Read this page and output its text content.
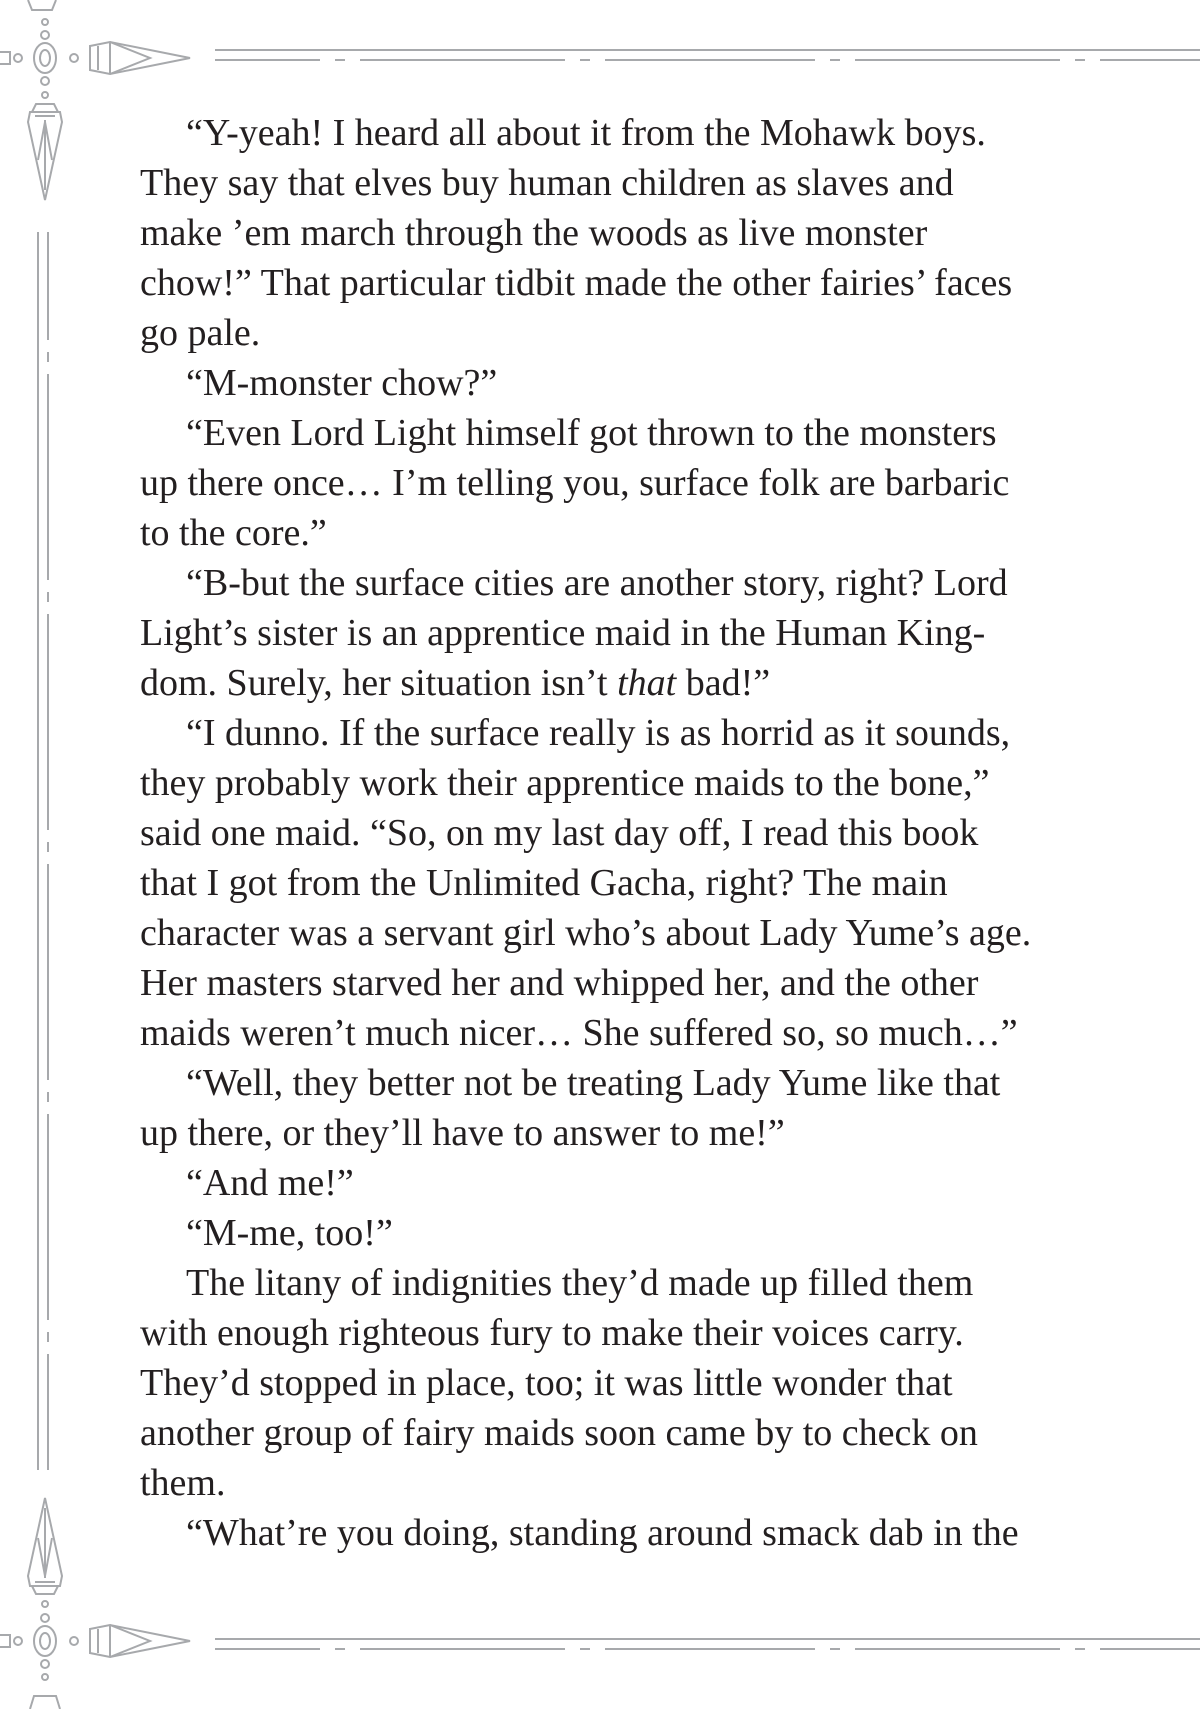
“Y-yeah! I heard all about it from the Mohawk boys.
They say that elves buy human children as slaves and
make ’em march through the woods as live monster
chow!” That particular tidbit made the other fairies’ faces
go pale.

“M-monster chow?”

“Even Lord Light himself got thrown to the monsters
up there once… I’m telling you, surface folk are barbaric
to the core.”

“B-but the surface cities are another story, right? Lord
Light’s sister is an apprentice maid in the Human King-
dom. Surely, her situation isn’t that bad!”

“I dunno. If the surface really is as horrid as it sounds,
they probably work their apprentice maids to the bone,”
said one maid. “So, on my last day off, I read this book
that I got from the Unlimited Gacha, right? The main
character was a servant girl who’s about Lady Yume’s age.
Her masters starved her and whipped her, and the other
maids weren’t much nicer… She suffered so, so much…”

“Well, they better not be treating Lady Yume like that
up there, or they’ll have to answer to me!”

“And me!”

“M-me, too!”

The litany of indignities they’d made up filled them
with enough righteous fury to make their voices carry.
They’d stopped in place, too; it was little wonder that
another group of fairy maids soon came by to check on
them.

“What’re you doing, standing around smack dab in the
